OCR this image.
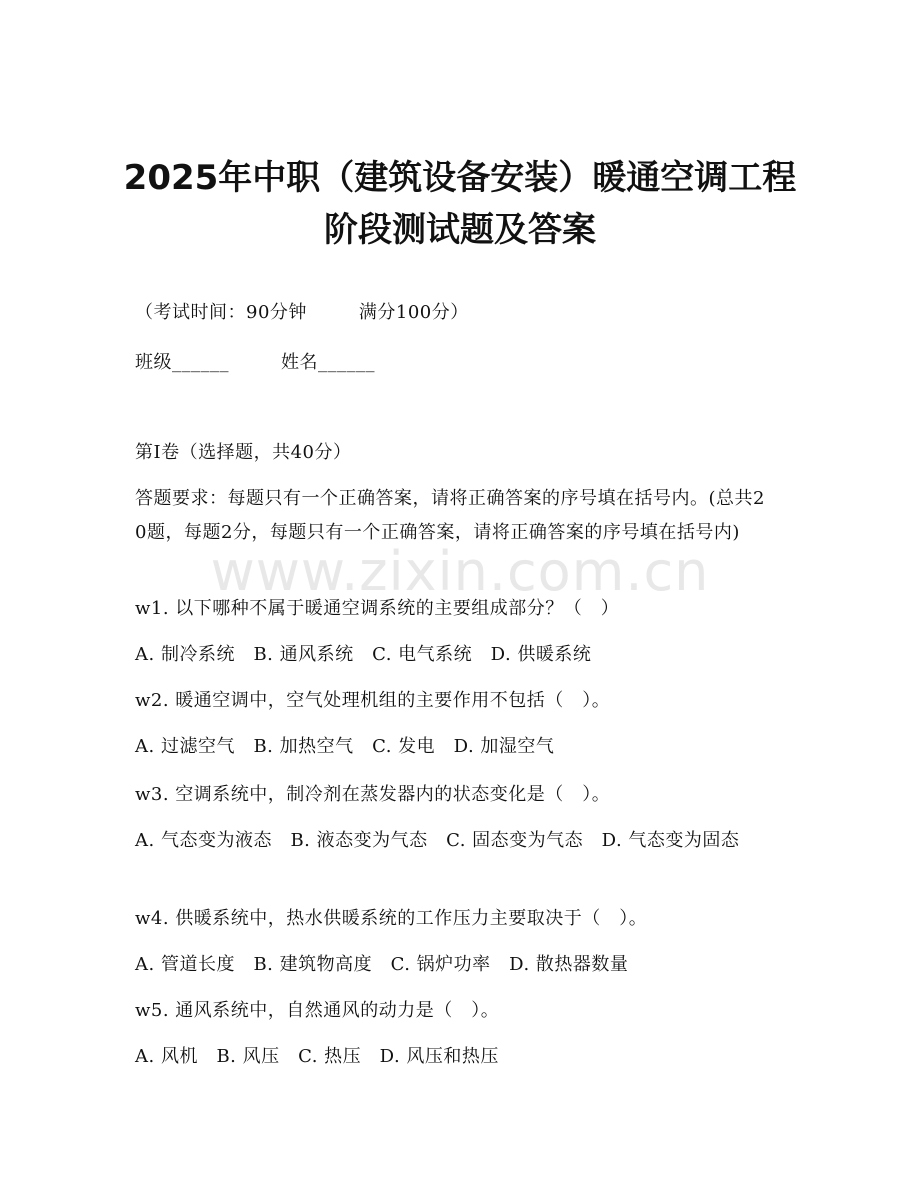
2025年中职（建筑设备安装）暖通空调工程
阶段测试题及答案
（考试时间：90分钟	满分100分）
班级______	姓名______
第Ⅰ卷（选择题，共40分）
答题要求：每题只有一个正确答案，请将正确答案的序号填在括号内。(总共20题，每题2分，每题只有一个正确答案，请将正确答案的序号填在括号内)
www.zixin.com.cn
w1. 以下哪种不属于暖通空调系统的主要组成部分？（　）
A. 制冷系统　B. 通风系统　C. 电气系统　D. 供暖系统
w2. 暖通空调中，空气处理机组的主要作用不包括（　）。
A. 过滤空气　B. 加热空气　C. 发电　D. 加湿空气
w3. 空调系统中，制冷剂在蒸发器内的状态变化是（　）。
A. 气态变为液态　B. 液态变为气态　C. 固态变为气态　D. 气态变为固态
w4. 供暖系统中，热水供暖系统的工作压力主要取决于（　）。
A. 管道长度　B. 建筑物高度　C. 锅炉功率　D. 散热器数量
w5. 通风系统中，自然通风的动力是（　）。
A. 风机　B. 风压　C. 热压　D. 风压和热压
